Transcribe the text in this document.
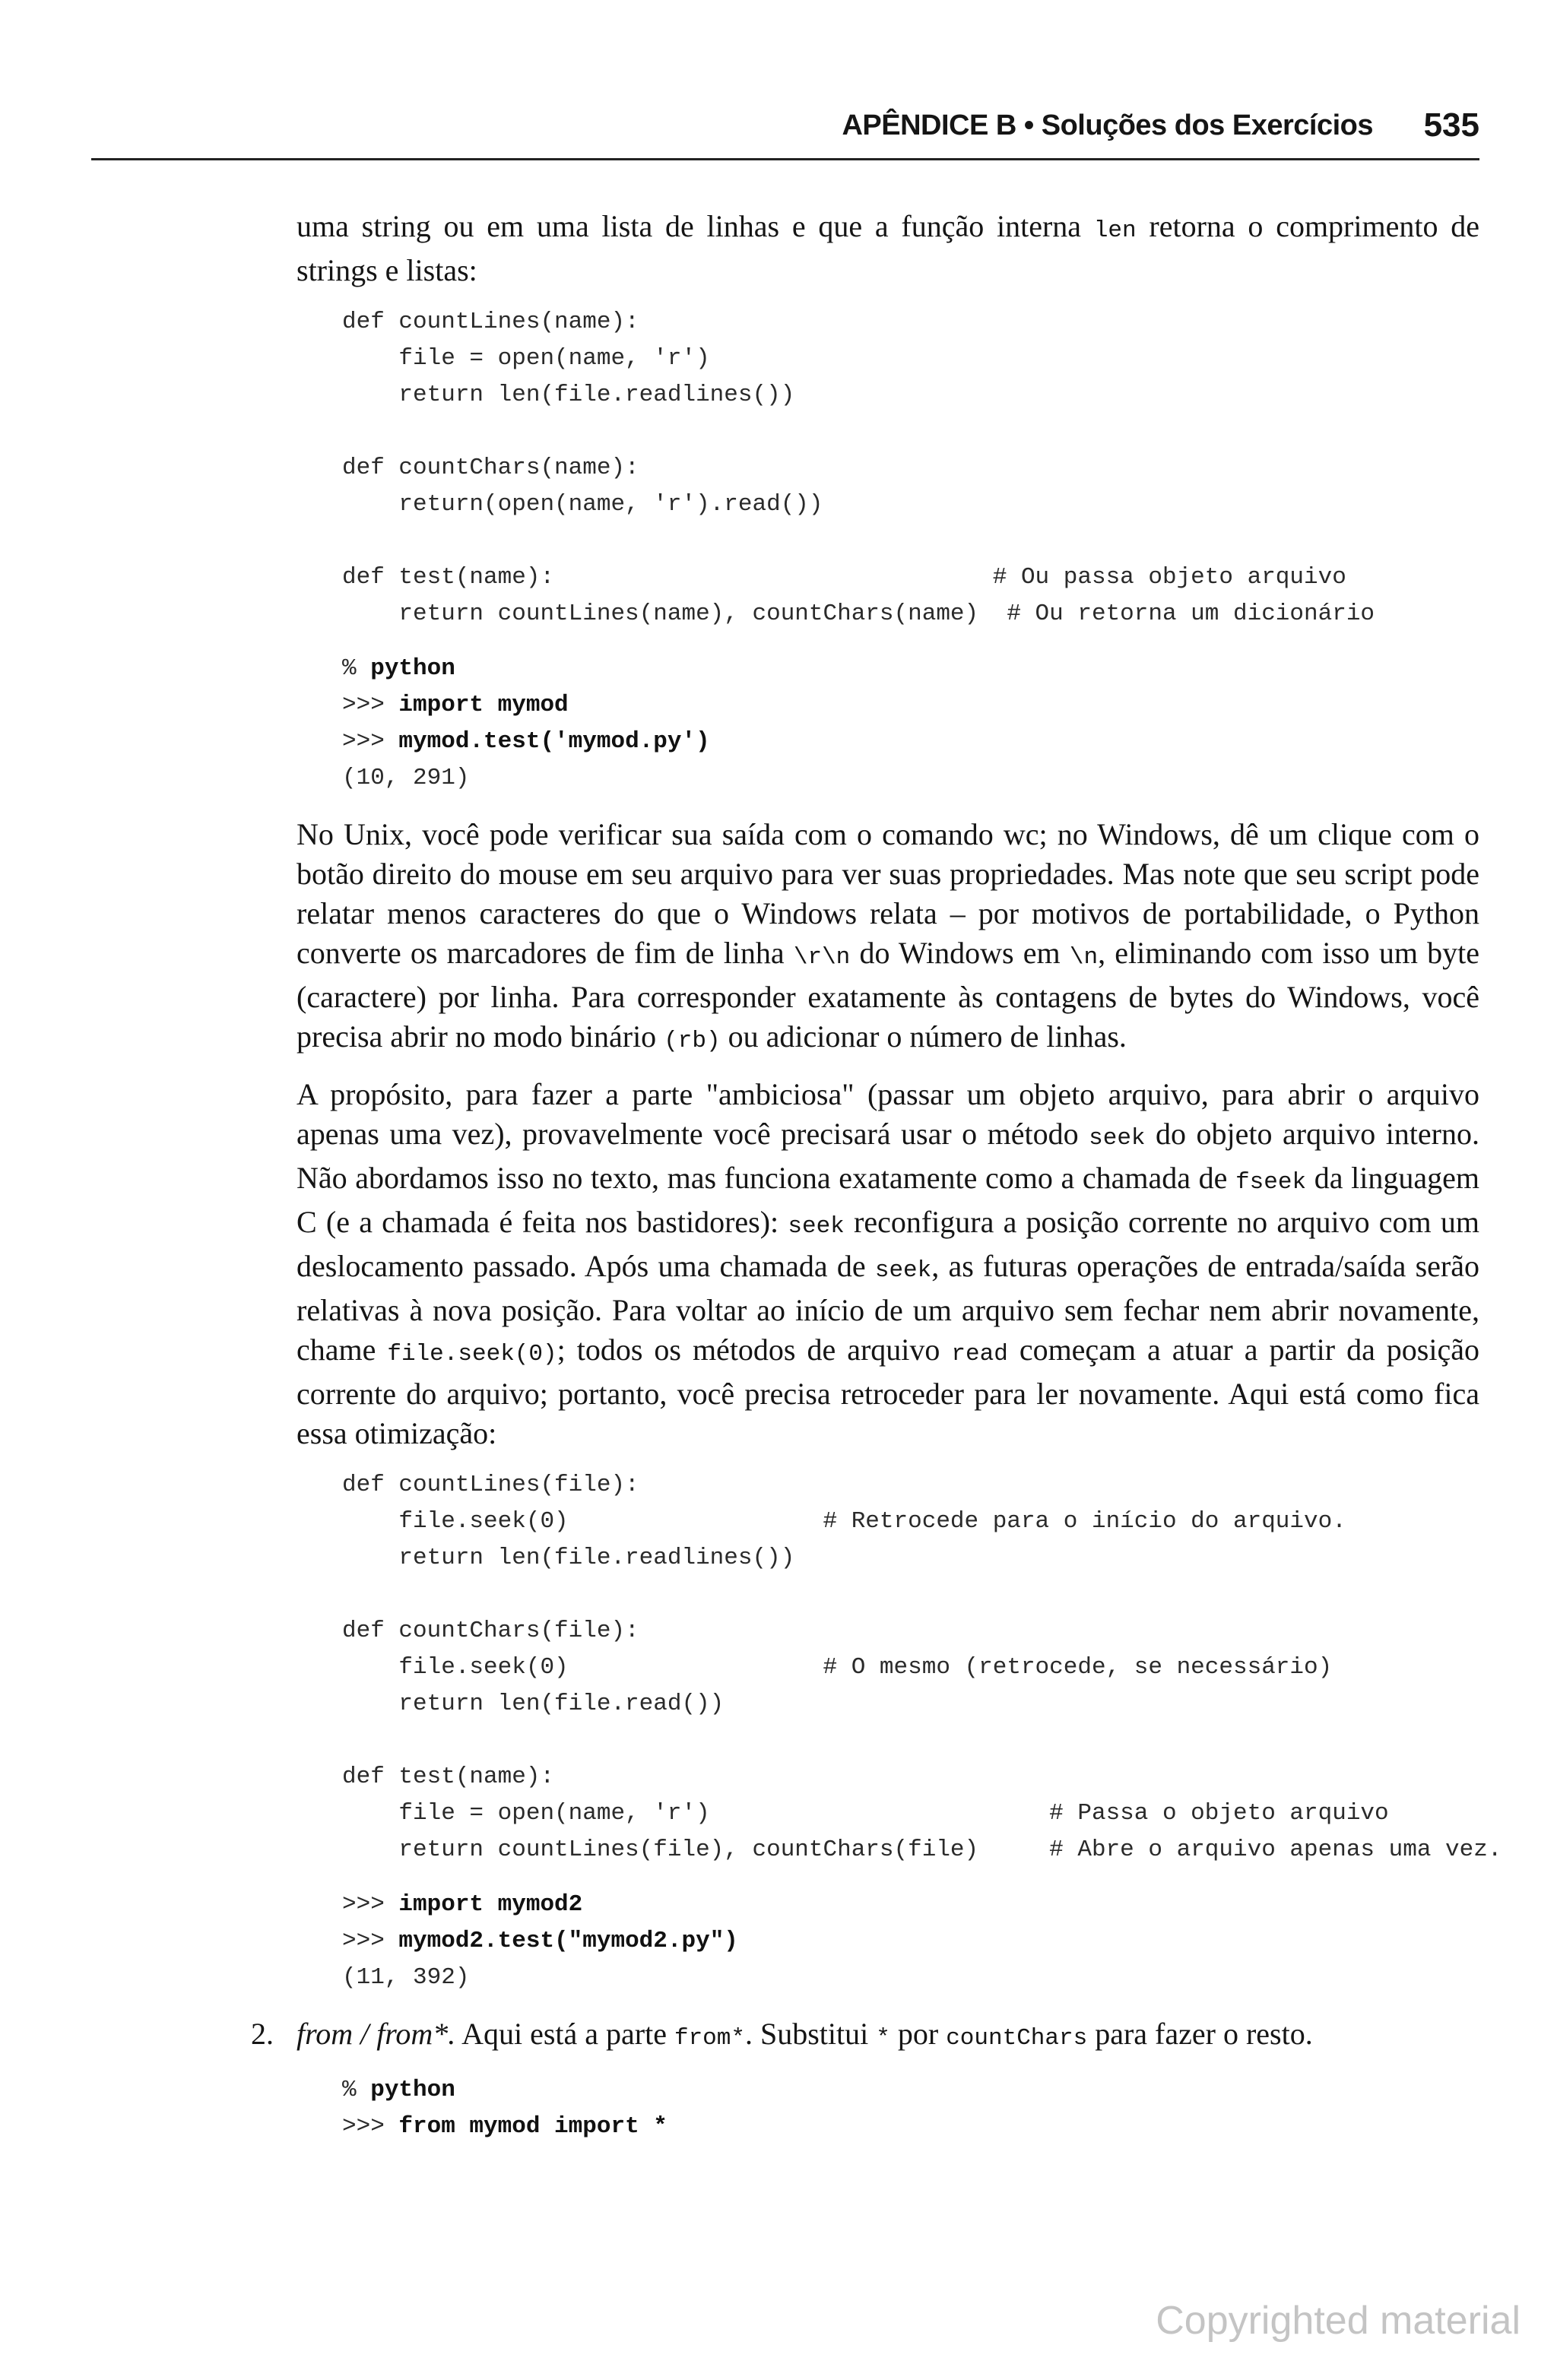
APÊNDICE B • Soluções dos Exercícios 535

uma string ou em uma lista de linhas e que a função interna len retorna o comprimento de strings e listas:

def countLines(name):
file = open(name, 'r')
return len(file.readlines())

def countChars(name):
return(open(name, 'r').read())

def test(name):                               # Ou passa objeto arquivo
return countLines(name), countChars(name)  # Ou retorna um dicionário
% python
>>> import mymod
>>> mymod.test('mymod.py')
(10, 291)

No Unix, você pode verificar sua saída com o comando wc; no Windows, dê um clique com o botão direito do mouse em seu arquivo para ver suas propriedades. Mas note que seu script pode relatar menos caracteres do que o Windows relata – por motivos de portabilidade, o Python converte os marcadores de fim de linha \r\n do Windows em \n, eliminando com isso um byte (caractere) por linha. Para corresponder exatamente às contagens de bytes do Windows, você precisa abrir no modo binário (rb) ou adicionar o número de linhas.

A propósito, para fazer a parte "ambiciosa" (passar um objeto arquivo, para abrir o arquivo apenas uma vez), provavelmente você precisará usar o método seek do objeto arquivo interno. Não abordamos isso no texto, mas funciona exatamente como a chamada de fseek da linguagem C (e a chamada é feita nos bastidores): seek reconfigura a posição corrente no arquivo com um deslocamento passado. Após uma chamada de seek, as futuras operações de entrada/saída serão relativas à nova posição. Para voltar ao início de um arquivo sem fechar nem abrir novamente, chame file.seek(0); todos os métodos de arquivo read começam a atuar a partir da posição corrente do arquivo; portanto, você precisa retroceder para ler novamente. Aqui está como fica essa otimização:

def countLines(file):
file.seek(0)                  # Retrocede para o início do arquivo.
return len(file.readlines())

def countChars(file):
file.seek(0)                  # O mesmo (retrocede, se necessário)
return len(file.read())

def test(name):
file = open(name, 'r')                        # Passa o objeto arquivo
return countLines(file), countChars(file)     # Abre o arquivo apenas uma vez.
>>> import mymod2
>>> mymod2.test("mymod2.py")
(11, 392)
2. from / from*. Aqui está a parte from*. Substitui * por countChars para fazer o resto.

% python
>>> from mymod import *
Copyrighted material
